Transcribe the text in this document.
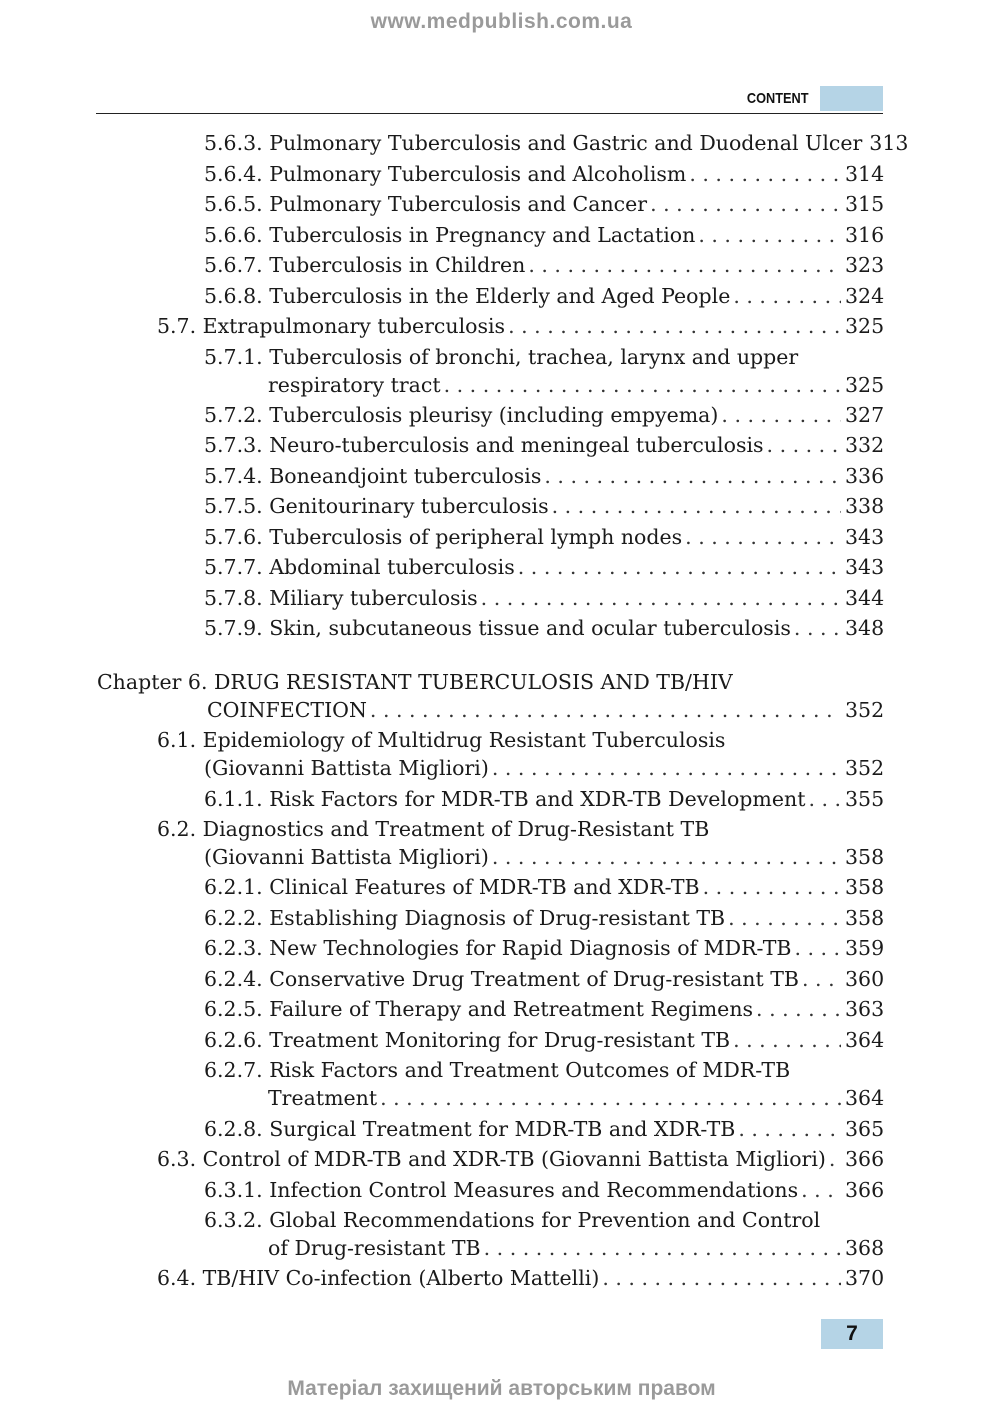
www.medpublish.com.ua
CONTENT
5.6.3. Pulmonary Tuberculosis and Gastric and Duodenal Ulcer 313
5.6.4. Pulmonary Tuberculosis and Alcoholism . . .	314
5.6.5. Pulmonary Tuberculosis and Cancer . . .	315
5.6.6. Tuberculosis in Pregnancy and Lactation . . .	316
5.6.7. Tuberculosis in Children . . .	323
5.6.8. Tuberculosis in the Elderly and Aged People . . .	324
5.7. Extrapulmonary tuberculosis . . .	325
5.7.1. Tuberculosis of bronchi, trachea, larynx and upper
respiratory tract . . .	325
5.7.2. Tuberculosis pleurisy (including empyema) . . .	327
5.7.3. Neuro-tuberculosis and meningeal tuberculosis . . .	332
5.7.4. Boneandjoint tuberculosis . . .	336
5.7.5. Genitourinary tuberculosis . . .	338
5.7.6. Tuberculosis of peripheral lymph nodes . . .	343
5.7.7. Abdominal tuberculosis . . .	343
5.7.8. Miliary tuberculosis . . .	344
5.7.9. Skin, subcutaneous tissue and ocular tuberculosis . . .	348
Chapter 6. DRUG RESISTANT TUBERCULOSIS AND TB/HIV
COINFECTION . . .	352
6.1. Epidemiology of Multidrug Resistant Tuberculosis
(Giovanni Battista Migliori) . . .	352
6.1.1. Risk Factors for MDR-TB and XDR-TB Development . . . 355
6.2. Diagnostics and Treatment of Drug-Resistant TB
(Giovanni Battista Migliori) . . .	358
6.2.1. Clinical Features of MDR-TB and XDR-TB . . .	358
6.2.2. Establishing Diagnosis of Drug-resistant TB . . .	358
6.2.3. New Technologies for Rapid Diagnosis of MDR-TB . . .	359
6.2.4. Conservative Drug Treatment of Drug-resistant TB . . . 360
6.2.5. Failure of Therapy and Retreatment Regimens . . .	363
6.2.6. Treatment Monitoring for Drug-resistant TB . . .	364
6.2.7. Risk Factors and Treatment Outcomes of MDR-TB
Treatment . . .	364
6.2.8. Surgical Treatment for MDR-TB and XDR-TB . . .	365
6.3. Control of MDR-TB and XDR-TB (Giovanni Battista Migliori) . . . 366
6.3.1. Infection Control Measures and Recommendations . . . 366
6.3.2. Global Recommendations for Prevention and Control
of Drug-resistant TB . . .	368
6.4. TB/HIV Co-infection (Alberto Mattelli) . . .	370
7
Матеріал захищений авторським правом
